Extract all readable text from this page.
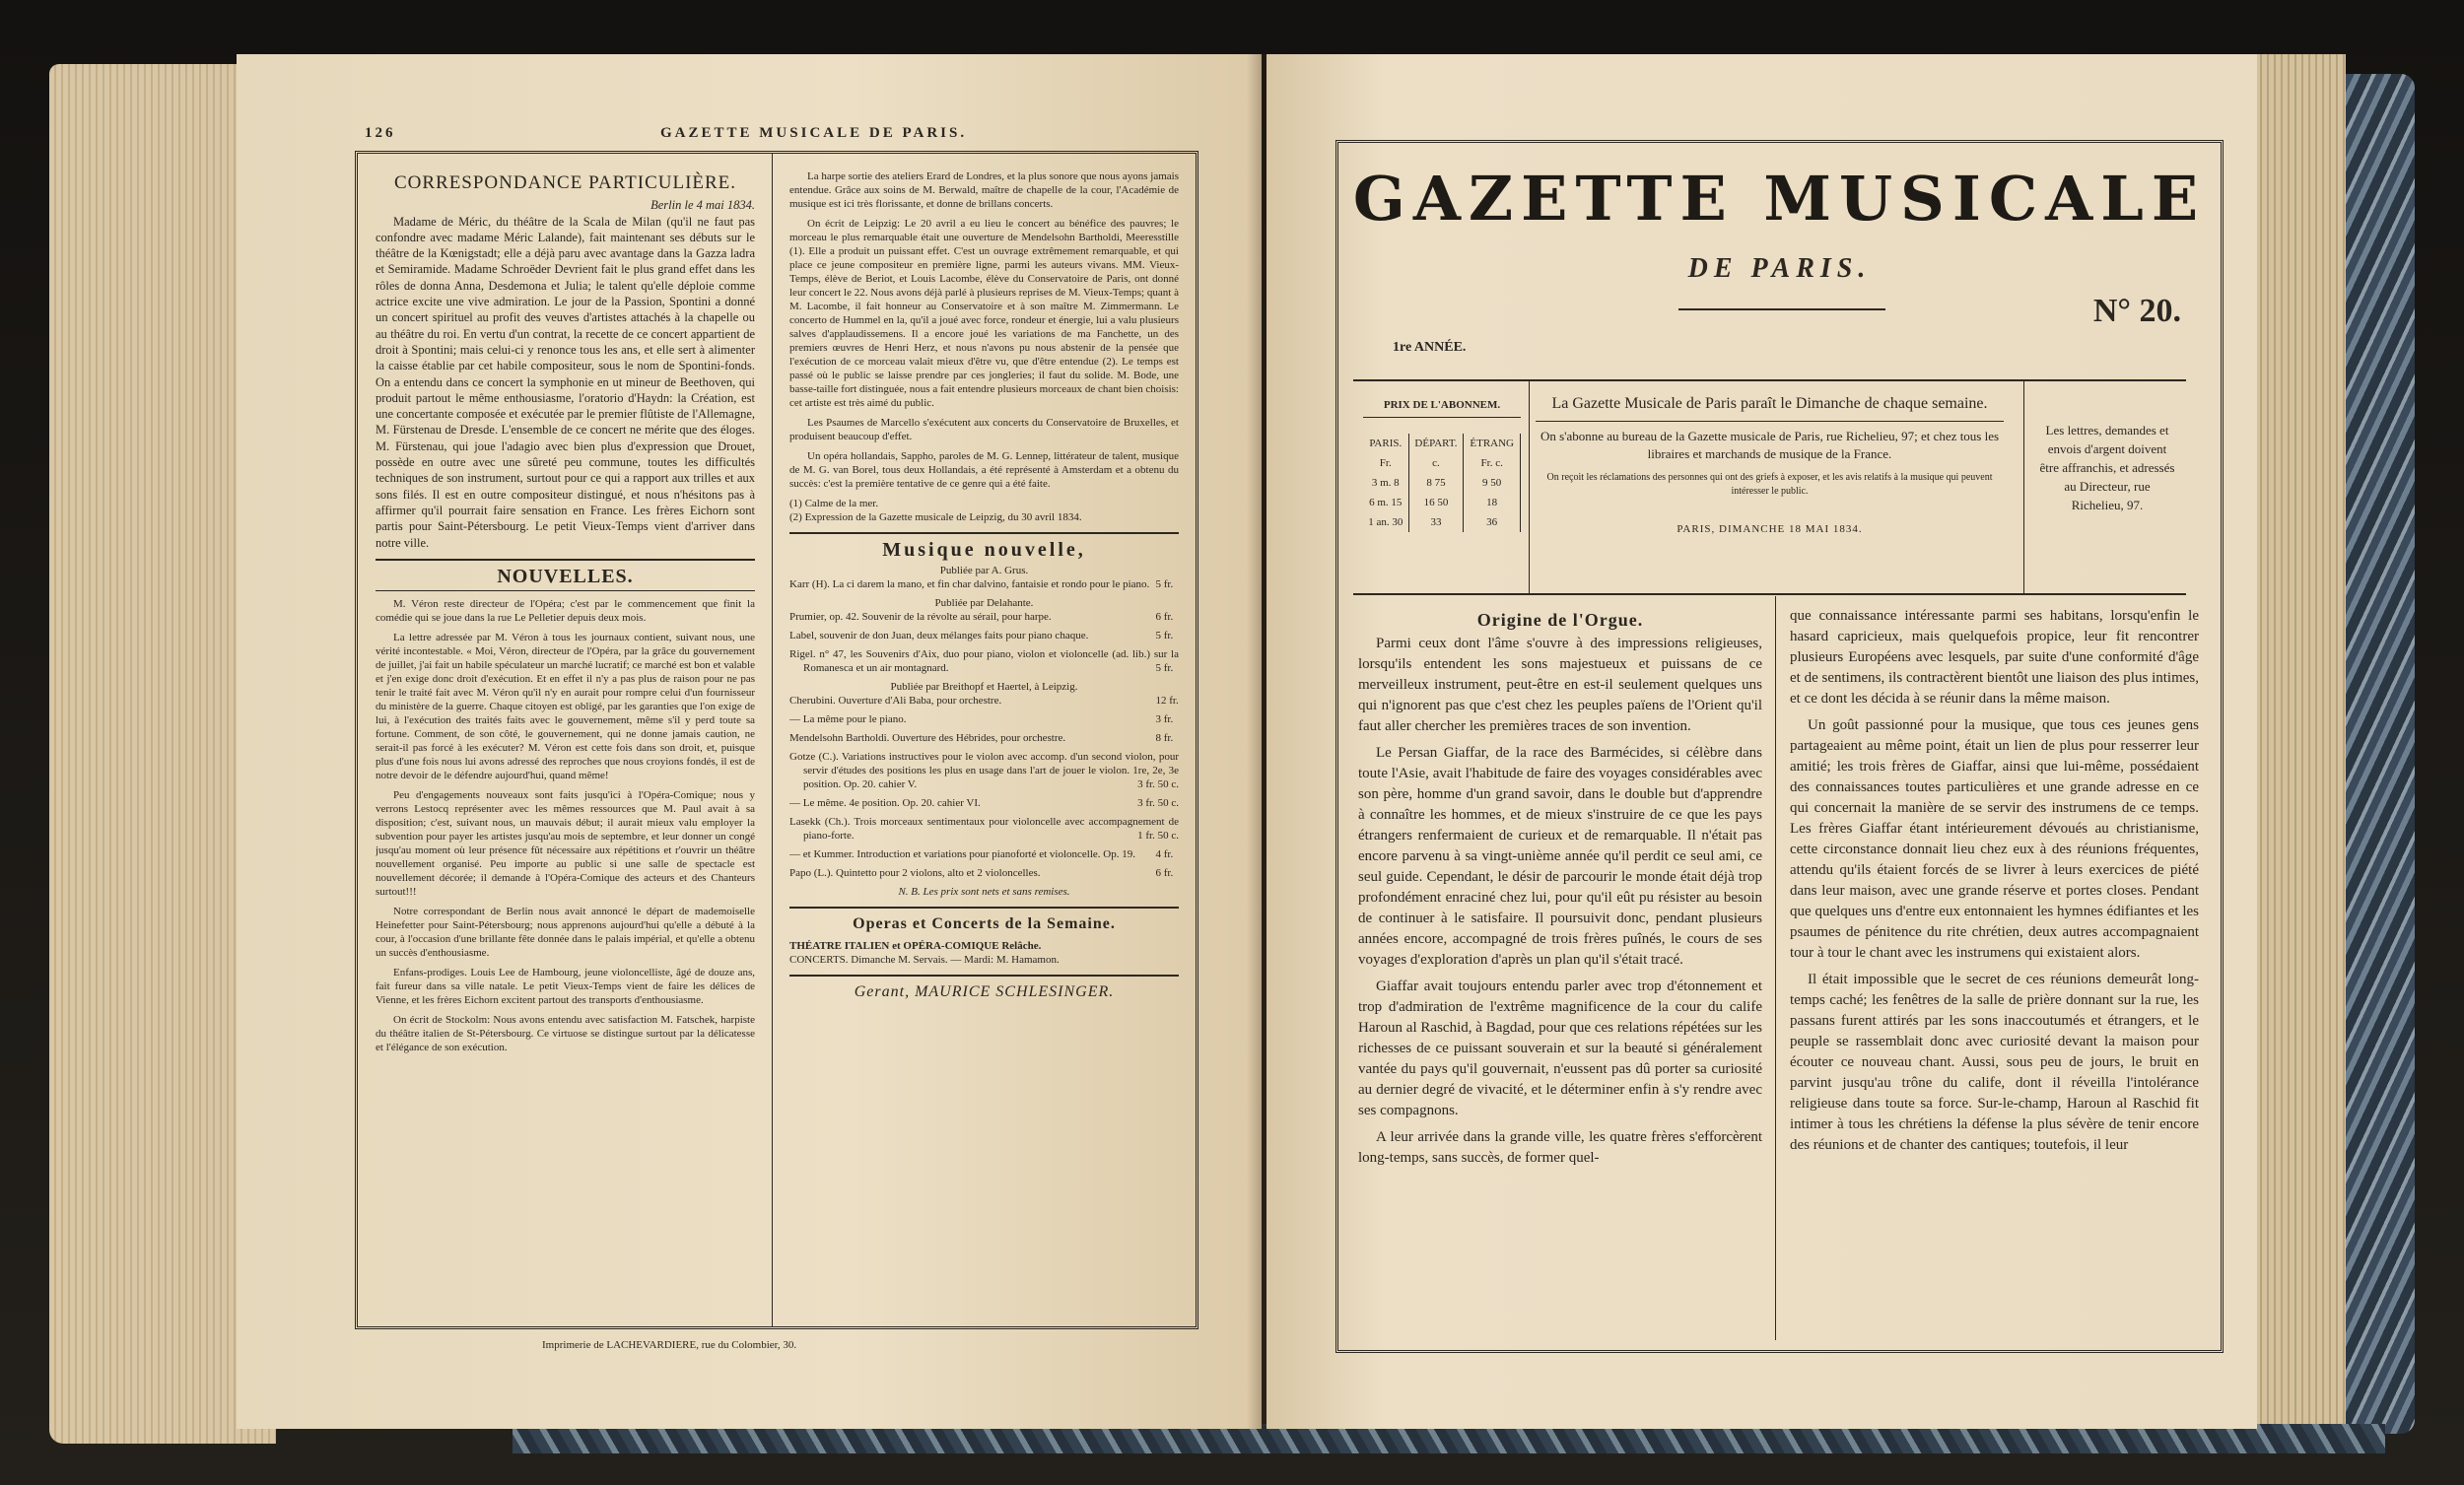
126	GAZETTE MUSICALE DE PARIS.
CORRESPONDANCE PARTICULIÈRE.
Berlin le 4 mai 1834.

Madame de Méric, du théâtre de la Scala de Milan (qu'il ne faut pas confondre avec madame Méric Lalande), fait maintenant ses débuts sur le théâtre de la Kœnigstadt; elle a déjà paru avec avantage dans la Gazza ladra et Semiramide. Madame Schroëder Devrient fait le plus grand effet dans les rôles de donna Anna, Desdemona et Julia; le talent qu'elle déploie comme actrice excite une vive admiration. Le jour de la Passion, Spontini a donné un concert spirituel au profit des veuves d'artistes attachés à la chapelle ou au théâtre du roi. En vertu d'un contrat, la recette de ce concert appartient de droit à Spontini; mais celui-ci y renonce tous les ans, et elle sert à alimenter la caisse établie par cet habile compositeur, sous le nom de Spontini-fonds. On a entendu dans ce concert la symphonie en ut mineur de Beethoven, qui produit partout le même enthousiasme, l'oratorio d'Haydn: la Création, est une concertante composée et exécutée par le premier flûtiste de l'Allemagne, M. Fürstenau de Dresde. L'ensemble de ce concert ne mérite que des éloges. M. Fürstenau, qui joue l'adagio avec bien plus d'expression que Drouet, possède en outre avec une sûreté peu commune, toutes les difficultés techniques de son instrument, surtout pour ce qui a rapport aux trilles et aux sons filés. Il est en outre compositeur distingué, et nous n'hésitons pas à affirmer qu'il pourrait faire sensation en France. Les frères Eichorn sont partis pour Saint-Pétersbourg. Le petit Vieux-Temps vient d'arriver dans notre ville.

NOUVELLES.

M. Véron reste directeur de l'Opéra; c'est par le commencement que finit la comédie qui se joue dans la rue Le Pelletier depuis deux mois.

La lettre adressée par M. Véron à tous les journaux contient, suivant nous, une vérité incontestable. « Moi, Véron, directeur de l'Opéra, par la grâce du gouvernement de juillet, j'ai fait un habile spéculateur un marché lucratif; ce marché est bon et valable et j'en exige donc droit d'exécution. Et en effet il n'y a pas plus de raison pour ne pas tenir le traité fait avec M. Véron qu'il n'y en aurait pour rompre celui d'un fournisseur du ministère de la guerre. Chaque citoyen est obligé, par les garanties que l'on exige de lui, à l'exécution des traités faits avec le gouvernement, même s'il y perd toute sa fortune. Comment, de son côté, le gouvernement, qui ne donne jamais caution, ne serait-il pas forcé à les exécuter? M. Véron est cette fois dans son droit, et, puisque plus d'une fois nous lui avons adressé des reproches que nous croyions fondés, il est de notre devoir de le défendre aujourd'hui, quand même!

Peu d'engagements nouveaux sont faits jusqu'ici à l'Opéra-Comique; nous y verrons Lestocq représenter avec les mêmes ressources que M. Paul avait à sa disposition; c'est, suivant nous, un mauvais début; il aurait mieux valu employer la subvention pour payer les artistes jusqu'au mois de septembre, et leur donner un congé jusqu'au moment où leur présence fût nécessaire aux répétitions et r'ouvrir un théâtre nouvellement organisé. Peu importe au public si une salle de spectacle est nouvellement décorée; il demande à l'Opéra-Comique des acteurs et des Chanteurs surtout!!!

Notre correspondant de Berlin nous avait annoncé le départ de mademoiselle Heinefetter pour Saint-Pétersbourg; nous apprenons aujourd'hui qu'elle a débuté à la cour, à l'occasion d'une brillante fête donnée dans le palais impérial, et qu'elle a obtenu un succès d'enthousiasme.

Enfans-prodiges. Louis Lee de Hambourg, jeune violoncelliste, âgé de douze ans, fait fureur dans sa ville natale. Le petit Vieux-Temps vient de faire les délices de Vienne, et les frères Eichorn excitent partout des transports d'enthousiasme.

On écrit de Stockolm: Nous avons entendu avec satisfaction M. Fatschek, harpiste du théâtre italien de St-Pétersbourg. Ce virtuose se distingue surtout par la délicatesse et l'élégance de son exécution.

La harpe sortie des ateliers Erard de Londres, et la plus sonore que nous ayons jamais entendue. Grâce aux soins de M. Berwald, maître de chapelle de la cour, l'Académie de musique est ici très florissante, et donne de brillans concerts.

On écrit de Leipzig: Le 20 avril a eu lieu le concert au bénéfice des pauvres; le morceau le plus remarquable était une ouverture de Mendelsohn Bartholdi, Meeresstille (1). Elle a produit un puissant effet. C'est un ouvrage extrêmement remarquable, et qui place ce jeune compositeur en première ligne, parmi les auteurs vivans. MM. Vieux-Temps, élève de Beriot, et Louis Lacombe, élève du Conservatoire de Paris, ont donné leur concert le 22. Nous avons déjà parlé à plusieurs reprises de M. Vieux-Temps; quant à M. Lacombe, il fait honneur au Conservatoire et à son maître M. Zimmermann. Le concerto de Hummel en la, qu'il a joué avec force, rondeur et énergie, lui a valu plusieurs salves d'applaudissemens. Il a encore joué les variations de ma Fanchette, un des premiers œuvres de Henri Herz, et nous n'avons pu nous abstenir de la pensée que l'exécution de ce morceau valait mieux d'être vu, que d'être entendue (2). Le temps est passé où le public se laisse prendre par ces jongleries; il faut du solide. M. Bode, une basse-taille fort distinguée, nous a fait entendre plusieurs morceaux de chant bien choisis: cet artiste est très aimé du public.

Les Psaumes de Marcello s'exécutent aux concerts du Conservatoire de Bruxelles, et produisent beaucoup d'effet.

Un opéra hollandais, Sappho, paroles de M. G. Lennep, littérateur de talent, musique de M. G. van Borel, tous deux Hollandais, a été représenté à Amsterdam et a obtenu du succès: c'est la première tentative de ce genre qui a été faite.

(1) Calme de la mer.
(2) Expression de la Gazette musicale de Leipzig, du 30 avril 1834.
Musique nouvelle,
Publiée par A. Grus.
Karr (H). La ci darem la mano, et fin char dalvino, fantaisie et rondo pour le piano. 5 fr.
Publiée par Delahante.
Prumier, op. 42. Souvenir de la révolte au sérail, pour harpe.	6 fr.
Label, souvenir de don Juan, deux mélanges faits pour piano chaque.	5 fr.
Rigel. n° 47, les Souvenirs d'Aix, duo pour piano, violon et violoncelle (ad. lib.) sur la Romanesca et un air montagnard.	5 fr.
Publiée par Breithopf et Haertel, à Leipzig.
Cherubini. Ouverture d'Ali Baba, pour orchestre.	12 fr.
— La même pour le piano.	3 fr.
Mendelsohn Bartholdi. Ouverture des Hébrides, pour orchestre.	8 fr.
Gotze (C.). Variations instructives pour le violon avec accomp. d'un second violon, pour servir d'études des positions les plus en usage dans l'art de jouer le violon. 1re, 2e, 3e position. Op. 20. cahier V.	3 fr. 50 c.
— Le même. 4e position. Op. 20. cahier VI.	3 fr. 50 c.
Lasekk (Ch.). Trois morceaux sentimentaux pour violoncelle avec accompagnement de piano-forte.	1 fr. 50 c.
— et Kummer. Introduction et variations pour pianoforté et violoncelle. Op. 19. 4 fr.
Papo (L.). Quintetto pour 2 violons, alto et 2 violoncelles.	6 fr.
N. B. Les prix sont nets et sans remises.
Operas et Concerts de la Semaine.
THÉATRE ITALIEN et OPÉRA-COMIQUE Relâche.
CONCERTS. Dimanche M. Servais. — Mardi: M. Hamamon.
Gerant, MAURICE SCHLESINGER.
Imprimerie de LACHEVARDIERE, rue du Colombier, 30.
GAZETTE MUSICALE
DE PARIS.
1re ANNÉE.
N° 20.
PRIX DE L'ABONNEM.
PARIS.	DÉPART.	ÉTRANG
Fr.	c.	Fr. c.
3 m. 8	8 75	9 50
6 m. 15	16 50	18
1 an. 30	33	36
La Gazette Musicale de Paris paraît le Dimanche de chaque semaine.
On s'abonne au bureau de la Gazette musicale de Paris, rue Richelieu, 97; et chez tous les libraires et marchands de musique de la France.
On reçoit les réclamations des personnes qui ont des griefs à exposer, et les avis relatifs à la musique qui peuvent intéresser le public.
PARIS, DIMANCHE 18 MAI 1834.
Les lettres, demandes et envois d'argent doivent être affranchis, et adressés au Directeur, rue Richelieu, 97.
Origine de l'Orgue.

Parmi ceux dont l'âme s'ouvre à des impressions religieuses, lorsqu'ils entendent les sons majestueux et puissans de ce merveilleux instrument, peut-être en est-il seulement quelques uns qui n'ignorent pas que c'est chez les peuples païens de l'Orient qu'il faut aller chercher les premières traces de son invention.

Le Persan Giaffar, de la race des Barmécides, si célèbre dans toute l'Asie, avait l'habitude de faire des voyages considérables avec son père, homme d'un grand savoir, dans le double but d'apprendre à connaître les hommes, et de mieux s'instruire de ce que les pays étrangers renfermaient de curieux et de remarquable. Il n'était pas encore parvenu à sa vingt-unième année qu'il perdit ce seul ami, ce seul guide. Cependant, le désir de parcourir le monde était déjà trop profondément enraciné chez lui, pour qu'il eût pu résister au besoin de continuer à le satisfaire. Il poursuivit donc, pendant plusieurs années encore, accompagné de trois frères puînés, le cours de ses voyages d'exploration d'après un plan qu'il s'était tracé.

Giaffar avait toujours entendu parler avec trop d'étonnement et trop d'admiration de l'extrême magnificence de la cour du calife Haroun al Raschid, à Bagdad, pour que ces relations répétées sur les richesses de ce puissant souverain et sur la beauté si généralement vantée du pays qu'il gouvernait, n'eussent pas dû porter sa curiosité au dernier degré de vivacité, et le déterminer enfin à s'y rendre avec ses compagnons.

A leur arrivée dans la grande ville, les quatre frères s'efforcèrent long-temps, sans succès, de former quel-

que connaissance intéressante parmi ses habitans, lorsqu'enfin le hasard capricieux, mais quelquefois propice, leur fit rencontrer plusieurs Européens avec lesquels, par suite d'une conformité d'âge et de sentimens, ils contractèrent bientôt une liaison des plus intimes, et ce dont les décida à se réunir dans la même maison.

Un goût passionné pour la musique, que tous ces jeunes gens partageaient au même point, était un lien de plus pour resserrer leur amitié; les trois frères de Giaffar, ainsi que lui-même, possédaient des connaissances toutes particulières et une grande adresse en ce qui concernait la manière de se servir des instrumens de ce temps. Les frères Giaffar étant intérieurement dévoués au christianisme, cette circonstance donnait lieu chez eux à des réunions fréquentes, attendu qu'ils étaient forcés de se livrer à leurs exercices de piété dans leur maison, avec une grande réserve et portes closes. Pendant que quelques uns d'entre eux entonnaient les hymnes édifiantes et les psaumes de pénitence du rite chrétien, deux autres accompagnaient tour à tour le chant avec les instrumens qui existaient alors.

Il était impossible que le secret de ces réunions demeurât long-temps caché; les fenêtres de la salle de prière donnant sur la rue, les passans furent attirés par les sons inaccoutumés et étrangers, et le peuple se rassemblait donc avec curiosité devant la maison pour écouter ce nouveau chant. Aussi, sous peu de jours, le bruit en parvint jusqu'au trône du calife, dont il réveilla l'intolérance religieuse dans toute sa force. Sur-le-champ, Haroun al Raschid fit intimer à tous les chrétiens la défense la plus sévère de tenir encore des réunions et de chanter des cantiques; toutefois, il leur
